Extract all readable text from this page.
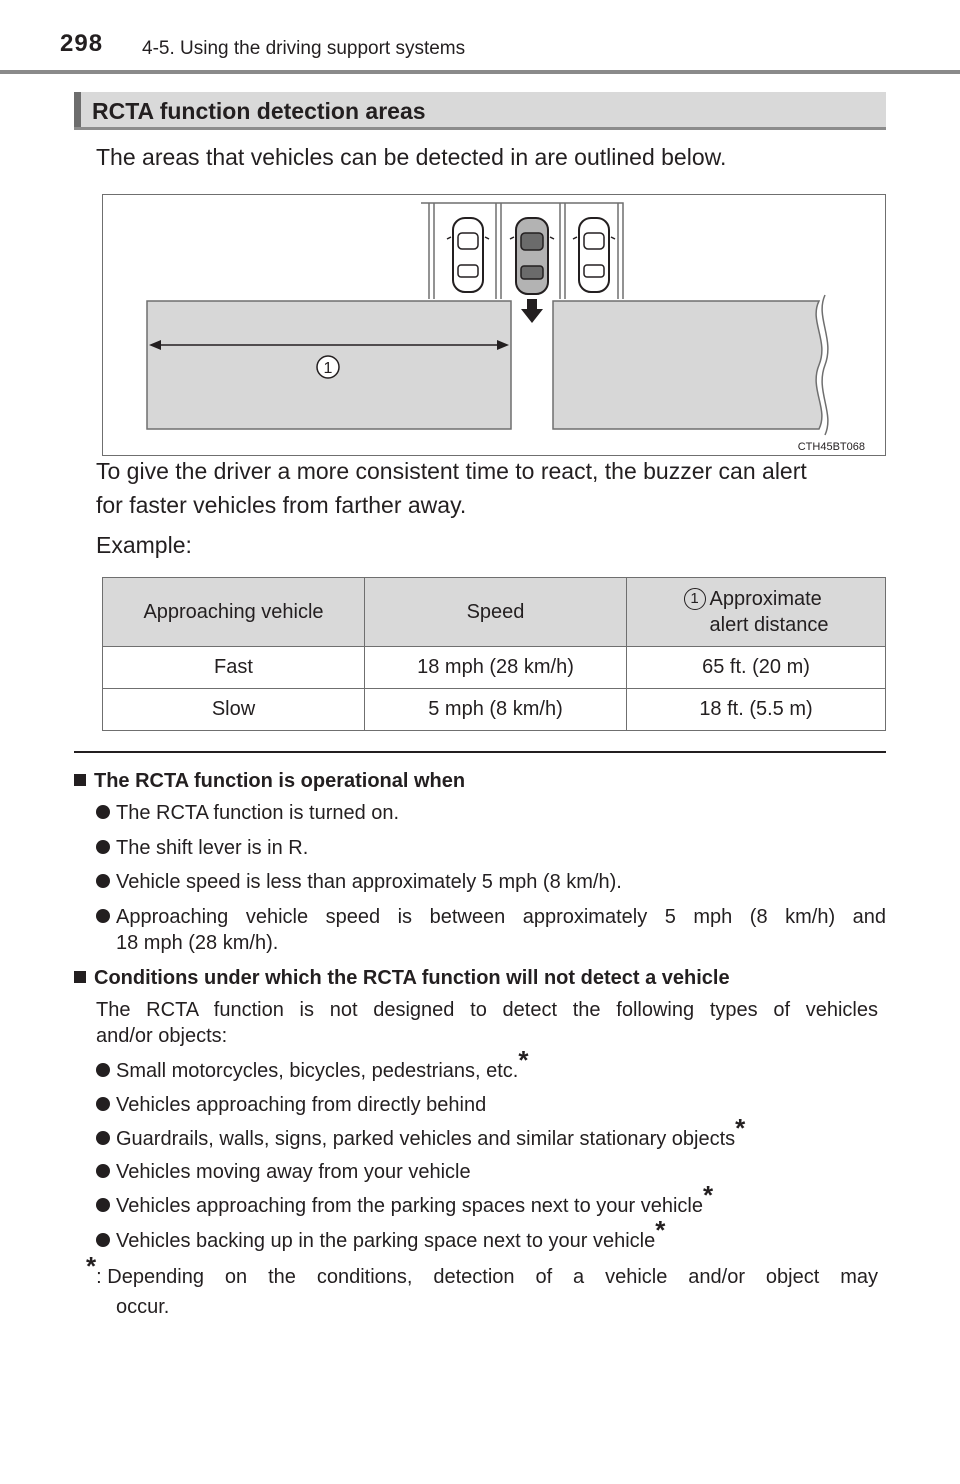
298 4-5. Using the driving support systems
RCTA function detection areas
The areas that vehicles can be detected in are outlined below.
1
CTH45BT068
To give the driver a more consistent time to react, the buzzer can alert
for faster vehicles from farther away.
Example:
Approaching vehicle	Speed	1 Approximate
alert distance

Fast	18 mph (28 km/h)	65 ft. (20 m)
Slow	5 mph (8 km/h)	18 ft. (5.5 m)
The RCTA function is operational when
The RCTA function is turned on.
The shift lever is in R.
Vehicle speed is less than approximately 5 mph (8 km/h).
Approaching vehicle speed is between approximately 5 mph (8 km/h) and
18 mph (28 km/h).
Conditions under which the RCTA function will not detect a vehicle
The RCTA function is not designed to detect the following types of vehicles
and/or objects:
Small motorcycles, bicycles, pedestrians, etc.*
Vehicles approaching from directly behind
Guardrails, walls, signs, parked vehicles and similar stationary objects*
Vehicles moving away from your vehicle
Vehicles approaching from the parking spaces next to your vehicle*
Vehicles backing up in the parking space next to your vehicle*
*: Depending on the conditions, detection of a vehicle and/or object may
occur.
